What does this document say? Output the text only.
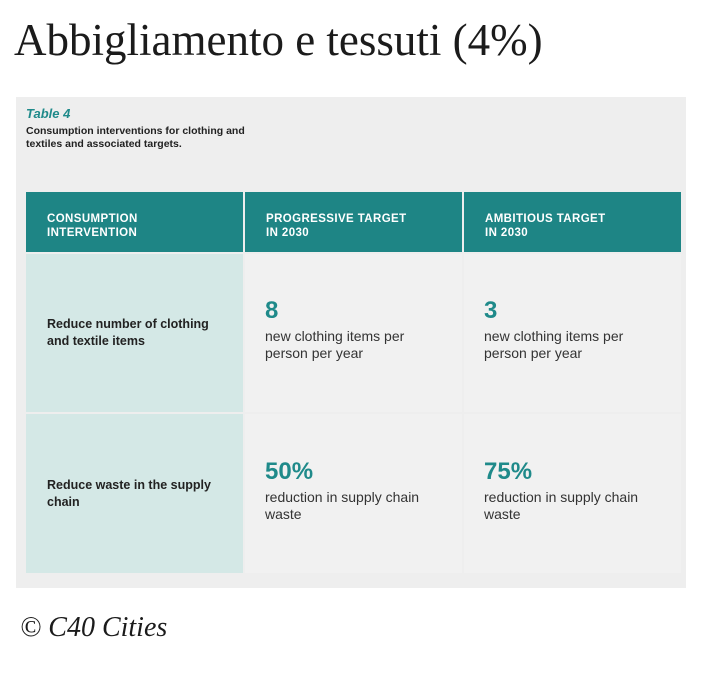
Abbigliamento e tessuti (4%)
Table 4
Consumption interventions for clothing and textiles and associated targets.
CONSUMPTION
INTERVENTION
PROGRESSIVE TARGET
IN 2030
AMBITIOUS TARGET
IN 2030
Reduce number of clothing and textile items
8
new clothing items per person per year
3
new clothing items per person per year
Reduce waste in the supply chain
50%
reduction in supply chain waste
75%
reduction in supply chain waste
© C40 Cities
